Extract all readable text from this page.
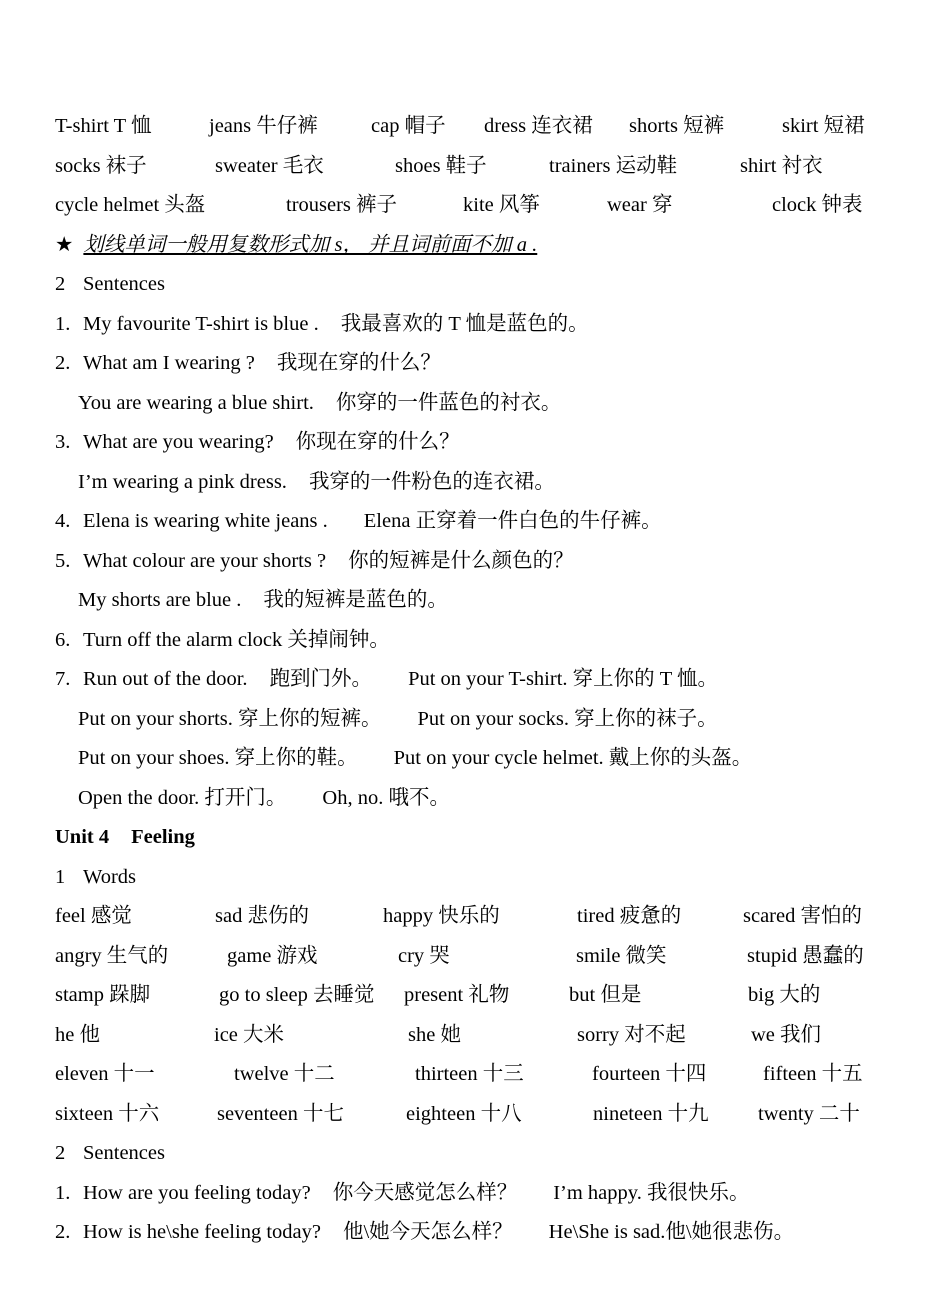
T-shirt T 恤	jeans 牛仔裤	cap 帽子 dress 连衣裙 shorts 短裤	skirt 短裙
socks 袜子	sweater 毛衣	shoes 鞋子	trainers 运动鞋	shirt 衬衣
cycle helmet 头盔	trousers 裤子	kite 风筝	wear 穿	clock 钟表
★ 划线单词一般用复数形式加 s， 并且词前面不加 a .
2 Sentences
1. My favourite T-shirt is blue . 我最喜欢的 T 恤是蓝色的。
2. What am I wearing ? 我现在穿的什么？
You are wearing a blue shirt. 你穿的一件蓝色的衬衣。
3. What are you wearing? 你现在穿的什么？
I’m wearing a pink dress. 我穿的一件粉色的连衣裙。
4. Elena is wearing white jeans . Elena 正穿着一件白色的牛仔裤。
5. What colour are your shorts ? 你的短裤是什么颜色的？
My shorts are blue . 我的短裤是蓝色的。
6. Turn off the alarm clock 关掉闹钟。
7. Run out of the door. 跑到门外。 Put on your T-shirt. 穿上你的 T 恤。
Put on your shorts. 穿上你的短裤。 Put on your socks. 穿上你的袜子。
Put on your shoes. 穿上你的鞋。 Put on your cycle helmet. 戴上你的头盔。
Open the door. 打开门。 Oh, no. 哦不。
Unit 4 Feeling
1 Words
feel 感觉	sad 悲伤的	happy 快乐的	tired 疲惫的	scared 害怕的
angry 生气的	game 游戏	cry 哭	smile 微笑	stupid 愚蠢的
stamp 跺脚	go to sleep 去睡觉 present 礼物	but 但是	big 大的
he 他	ice 大米	she 她	sorry 对不起	we 我们
eleven 十一	twelve 十二	thirteen 十三	fourteen 十四	fifteen 十五
sixteen 十六	seventeen 十七	eighteen 十八	nineteen 十九 twenty 二十
2 Sentences
1. How are you feeling today? 你今天感觉怎么样？ I’m happy. 我很快乐。
2. How is he\she feeling today? 他\她今天怎么样？ He\She is sad.他\她很悲伤。
